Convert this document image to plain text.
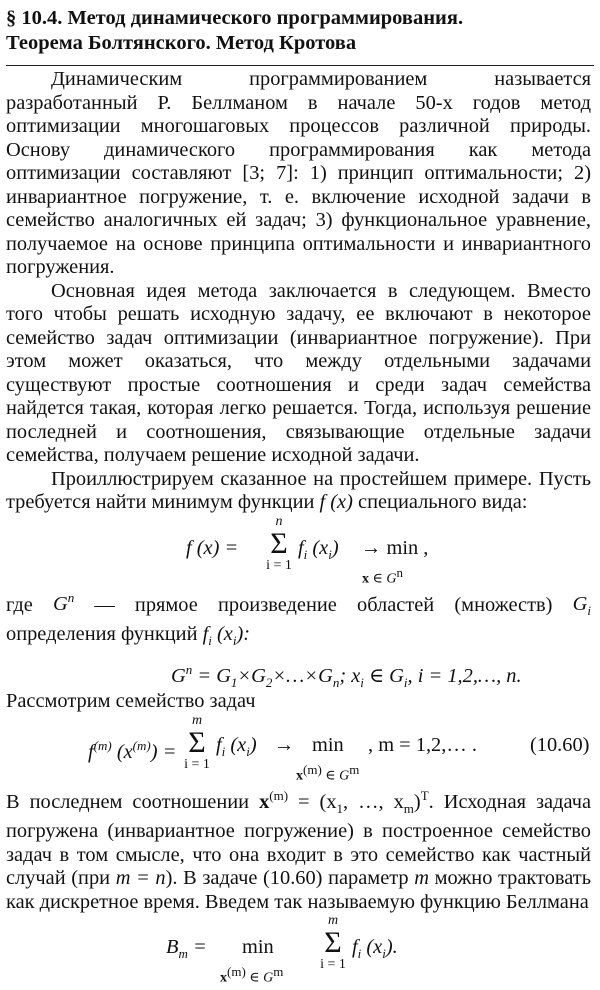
§ 10.4. Метод динамического программирования.
Теорема Болтянского. Метод Кротова

Динамическим программированием называется разработанный Р. Беллманом в начале 50-х годов метод оптимизации многошаговых процессов различной природы. Основу динамического программирования как метода оптимизации составляют [3; 7]: 1) принцип оптимальности; 2) инвариантное погружение, т. е. включение исходной задачи в семейство аналогичных ей задач; 3) функциональное уравнение, получаемое на основе принципа оптимальности и инвариантного погружения.

Основная идея метода заключается в следующем. Вместо того чтобы решать исходную задачу, ее включают в некоторое семейство задач оптимизации (инвариантное погружение). При этом может оказаться, что между отдельными задачами существуют простые соотношения и среди задач семейства найдется такая, которая легко решается. Тогда, используя решение последней и соотношения, связывающие отдельные задачи семейства, получаем решение исходной задачи.

Проиллюстрируем сказанное на простейшем примере. Пусть требуется найти минимум функции f (x) специального вида:

f (x) =
n
Σ
i = 1
$f_i$ $(x_i) \to \min$ ,
x ∈ $G^n$

где $G^n$ — прямое произведение областей (множеств) $G_i$ определения функций $f_i$ $(x_i)$:

$G^n$ = $G_1\times G_2\times\dots\times G_n$; $x_i$ ∈ $G_i$, i = 1,2,…, n.

Рассмотрим семейство задач

$f^{(m)}$ $(x^{(m)})$ =
m
Σ
i = 1
$f_i$ $(x_i) \to \min$
$x^{(m)}$ ∈ $G^m$
, m = 1,2,… .	(10.60)

В последнем соотношении $x^{(m)} = (x_1$, …, $x_m)^T$. Исходная задача погружена (инвариантное погружение) в построенное семейство задач в том смысле, что она входит в это семейство как частный случай (при m = n). В задаче (10.60) параметр m можно трактовать как дискретное время. Введем так называемую функцию Беллмана

$B_m = \min$
$x^{(m)}$ ∈ $G^m$
m
Σ
i = 1
$f_i$ $(x_i)$.
